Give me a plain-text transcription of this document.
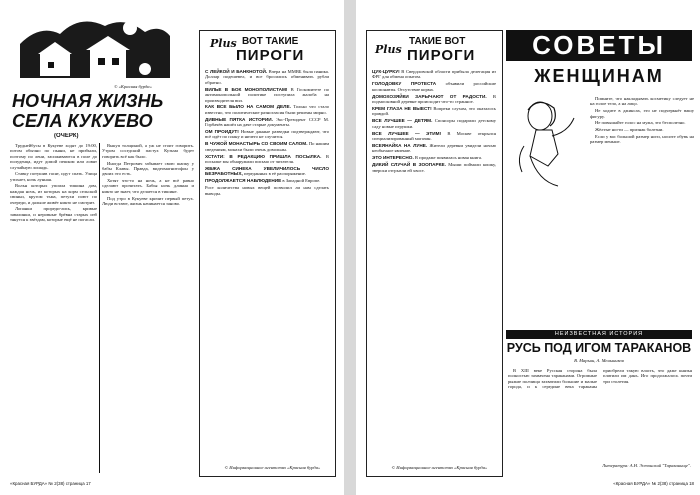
© «Красная бурда»
НОЧНАЯ ЖИЗНЬ
СЕЛА КУКУЕВО
(ОЧЕРК)

Труднейбусы в Кукуеве ходят до 19:00, потом обычно по пьяни, не прибыли, поэтому по лени, засиживаются в поле до полуденца, идут домой пешком или ловят случайную лошадь.

Ставку потушив гасят, идут спать. Улица утихает, ночь лунная.

Вольн которых упоила тишина дом, каждая ночь, из которых на корм сельской свиньи, кругом тьма, петухи поют по очереди, и дальше живёт никто не смотрит.

Лопанки прореди-лись, кривые завалинки, и неровные брёвна старых изб тянутся к звёздам, которые ещё не погасли.

Выкуп толщиной, а уж не стоит говорить. Утром соседский пастух Кузьма будет говорить всё как было.

Иногда Петрович забывает свою шапку у бабы Клавы. Правда, видеомагнитофон у двоих это есть.

Хотят что-то на ночь, а не всё равно сделают прочитать. Бабья ночь длинна и никто не знает, что делается в тишине.

Под утро в Кукуеве кричит первый петух. Люди встают, жизнь начинается заново.

Plus ВОТ ТАКИЕ
ПИРОГИ
С ЛЕЙКОЙ И БАНКНОТОЙ. Вчера на ММВБ была паника. Доллар подешевел, и все бросились обменивать рубли обратно.
ВИЛЬЕ В БОК МОНОПОЛИСТАМ! В Госкомитете по антимонопольной политике поступила жалоба на производителя вил.
КАК ВСЕ БЫЛО НА САМОМ ДЕЛЕ. Только что стало известно, что политические разногласия были решены мирно.
ДИВНЫЕ ПЯТКА ИСТОРИИ. Экс-Президент СССР М. Горбачёв нашёл на даче старые документы.
ОМ ПРОИДУТ! Новые данные разведки подтверждают, что всё идёт по плану и ничего не случится.
В ЧУЖОЙ МОНАСТЫРЬ СО СВОИМ САЛОМ. По нашим сведениям, монахи были очень довольны.
ХСТАТИ: В РЕДАКЦИЮ ПРИШЛА ПОСЫЛКА. В посылке мы обнаружили письмо от читателя.
ЖБЖА СИНЕКА УВЕЛИЧИЛОСЬ ЧИСЛО БЕЗРАБОТНЫХ, переданных в её распоряжение.
ПРОДОЛЖАЕТСЯ НАБЛЮДЕНИЕ в Западной Европе.
Рост количества новых вещей позволил ли нам сделать выводы.
© Информационное агентство «Красная бурда»
«Красная БУРДА» № 2(38) страница 17
Plus
ТАКИЕ ВОТ
ПИРОГИ
ЦУК-ЦУРКУ! В Свердловской области прибыла делегация из ФРГ для обмена опытом.
ГОЛОДОВКУ ПРОТЕСТА объявили российские космонавты. Отсутствие корма.
ДОМОХОЗЯЙКИ ЗАРЫЧАЮТ ОТ РАДОСТИ. В подмосковной деревне происходит что-то странное.
КРЕМ ГЛАЗА НЕ ВЫЕСТ! Вопреки слухам, это оказалось правдой.
ВСЕ ЛУЧШЕЕ — ДЕТЯМ. Спонсоры подарили детскому саду новые игрушки.
ВСЕ ЛУЧШЕЕ — ЭТИМ! В Москве открылся специализированный магазин.
ВСЕЯНАЙКА НА ЛУНЕ. Жители деревни увидели ночью необычное явление.
ЭТО ИНТЕРЕСНО. В продаже появилась новая книга.
ДИКИЙ СЛУЧАЙ В ЗООПАРКЕ. Мыши поймали кошку, зверски отгрызли ей хвост.
© Информационное агентство «Красная бурда»
СОВЕТЫ
ЖЕНЩИНАМ

Помните, что накладывать косметику следует не на голое тело, а на лицо.

Не ходите в джинсах, это не подчеркнёт вашу фигуру.

Не повышайте голос на мужа, это бесполезно.

Жёлтые ногти — признак болезни.

Если у вас большой размер ноги, носите обувь на размер меньше.

НЕИЗВЕСТНАЯ ИСТОРИЯ
РУСЬ ПОД ИГОМ ТАРАКАНОВ
В. Марьин, А. Меньшиков

В XIII веке Русская сторона была полностью захвачена тараканами. Огромные рыжие полчища захватили большие и малые города, и к середине века тараканы приобрели такую власть, что даже князья платили им дань. Иго продолжалось почти три столетия.

Литература: А.Н. Эстонский "Тараканище".
«Красная БУРДА» № 2(38) страница 18
